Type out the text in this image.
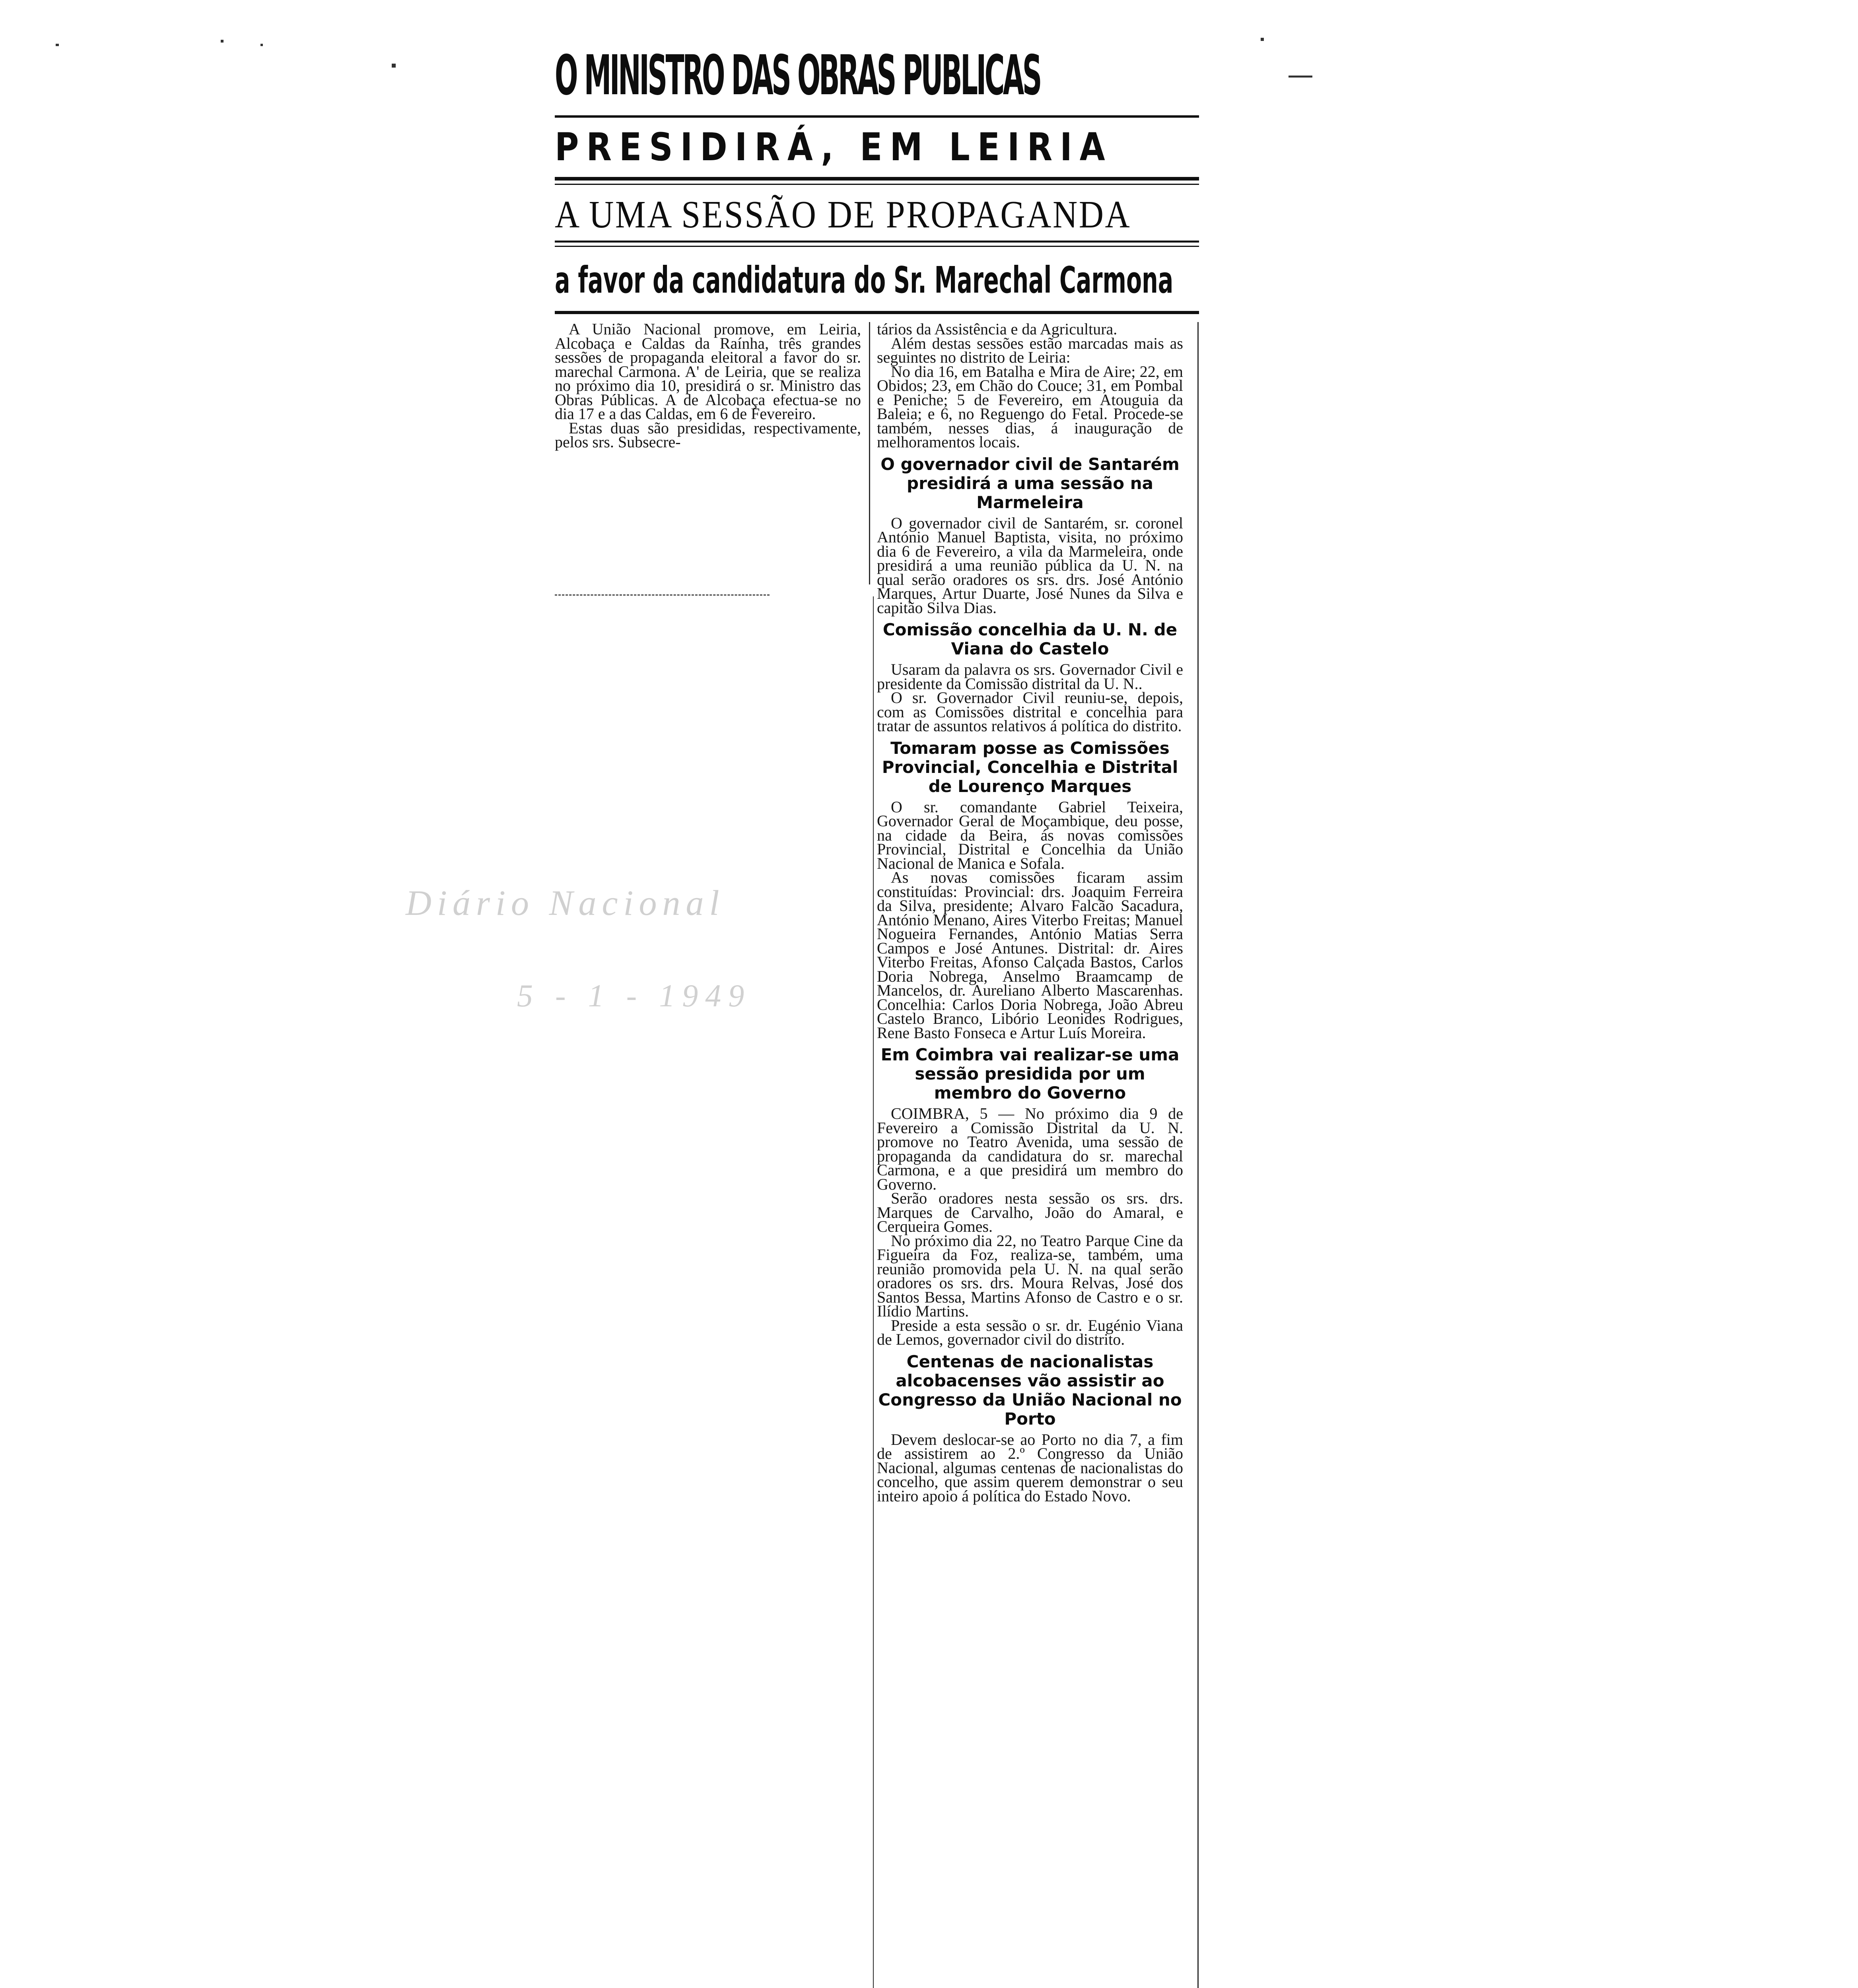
O MINISTRO DAS OBRAS PUBLICAS
PRESIDIRÁ, EM LEIRIA
A UMA SESSÃO DE PROPAGANDA
a favor da candidatura do Sr. Marechal Carmona

A União Nacional promove, em Leiria, Alcobaça e Caldas da Raínha, três grandes sessões de propaganda eleitoral a favor do sr. marechal Carmona. A' de Leiria, que se realiza no próximo dia 10, presidirá o sr. Ministro das Obras Públicas. A de Alcobaça efectua-se no dia 17 e a das Caldas, em 6 de Fevereiro.

Estas duas são presididas, respectivamente, pelos srs. Subsecre-

tários da Assistência e da Agricultura.

Além destas sessões estão marcadas mais as seguintes no distrito de Leiria:

No dia 16, em Batalha e Mira de Aire; 22, em Obidos; 23, em Chão do Couce; 31, em Pombal e Peniche; 5 de Fevereiro, em Atouguia da Baleia; e 6, no Reguengo do Fetal. Procede-se também, nesses dias, á inauguração de melhoramentos locais.

O governador civil de Santarém presidirá a uma sessão na Marmeleira

O governador civil de Santarém, sr. coronel António Manuel Baptista, visita, no próximo dia 6 de Fevereiro, a vila da Marmeleira, onde presidirá a uma reunião pública da U. N. na qual serão oradores os srs. drs. José António Marques, Artur Duarte, José Nunes da Silva e capitão Silva Dias.

Comissão concelhia da U. N. de Viana do Castelo

Usaram da palavra os srs. Governador Civil e presidente da Comissão distrital da U. N..

O sr. Governador Civil reuniu-se, depois, com as Comissões distrital e concelhia para tratar de assuntos relativos á política do distrito.

Tomaram posse as Comissões Provincial, Concelhia e Distrital de Lourenço Marques

O sr. comandante Gabriel Teixeira, Governador Geral de Moçambique, deu posse, na cidade da Beira, ás novas comissões Provincial, Distrital e Concelhia da União Nacional de Manica e Sofala.

As novas comissões ficaram assim constituídas: Provincial: drs. Joaquim Ferreira da Silva, presidente; Alvaro Falcão Sacadura, António Menano, Aires Viterbo Freitas; Manuel Nogueira Fernandes, António Matias Serra Campos e José Antunes. Distrital: dr. Aires Viterbo Freitas, Afonso Calçada Bastos, Carlos Doria Nobrega, Anselmo Braamcamp de Mancelos, dr. Aureliano Alberto Mascarenhas. Concelhia: Carlos Doria Nobrega, João Abreu Castelo Branco, Libório Leonides Rodrigues, Rene Basto Fonseca e Artur Luís Moreira.

Em Coimbra vai realizar-se uma sessão presidida por um membro do Governo

COIMBRA, 5 — No próximo dia 9 de Fevereiro a Comissão Distrital da U. N. promove no Teatro Avenida, uma sessão de propaganda da candidatura do sr. marechal Carmona, e a que presidirá um membro do Governo.

Serão oradores nesta sessão os srs. drs. Marques de Carvalho, João do Amaral, e Cerqueira Gomes.

No próximo dia 22, no Teatro Parque Cine da Figueira da Foz, realiza-se, também, uma reunião promovida pela U. N. na qual serão oradores os srs. drs. Moura Relvas, José dos Santos Bessa, Martins Afonso de Castro e o sr. Ilídio Martins.

Preside a esta sessão o sr. dr. Eugénio Viana de Lemos, governador civil do distrito.

Centenas de nacionalistas alcobacenses vão assistir ao Congresso da União Nacional no Porto

Devem deslocar-se ao Porto no dia 7, a fim de assistirem ao 2.º Congresso da União Nacional, algumas centenas de nacionalistas do concelho, que assim querem demonstrar o seu inteiro apoio á política do Estado Novo.

Diário Nacional
5 - 1 - 1949
